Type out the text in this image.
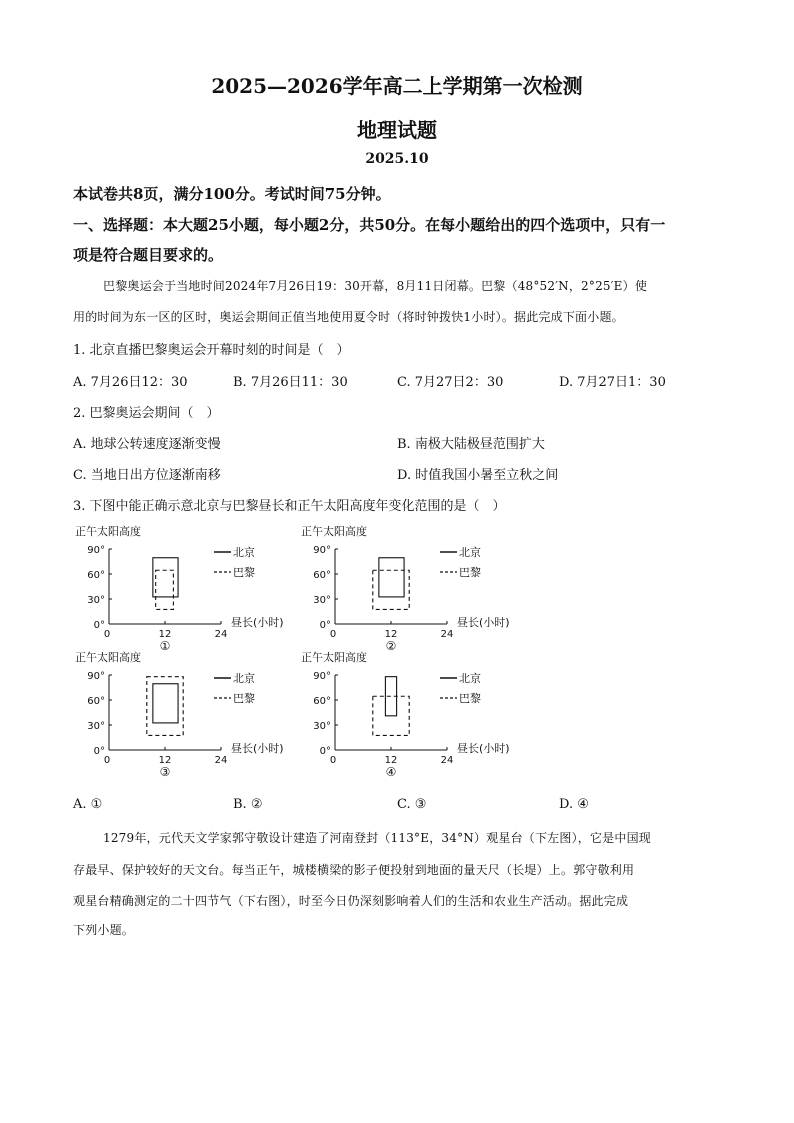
2025—2026学年高二上学期第一次检测
地理试题
2025.10
本试卷共8页，满分100分。考试时间75分钟。
一、选择题：本大题25小题，每小题2分，共50分。在每小题给出的四个选项中，只有一
项是符合题目要求的。
巴黎奥运会于当地时间2024年7月26日19：30开幕，8月11日闭幕。巴黎（48°52′N，2°25′E）使
用的时间为东一区的区时，奥运会期间正值当地使用夏令时（将时钟拨快1小时）。据此完成下面小题。
1. 北京直播巴黎奥运会开幕时刻的时间是（　）
A. 7月26日12：30	B. 7月26日11：30	C. 7月27日2：30	D. 7月27日1：30
2. 巴黎奥运会期间（　）
A. 地球公转速度逐渐变慢	B. 南极大陆极昼范围扩大
C. 当地日出方位逐渐南移	D. 时值我国小暑至立秋之间
3. 下图中能正确示意北京与巴黎昼长和正午太阳高度年变化范围的是（　）
正午太阳高度
90°
60°
30°
0°
0	12	24
昼长(小时)
①
北京
巴黎
正午太阳高度
90°
60°
30°
0°
0	12	24
昼长(小时)
②
北京
巴黎
正午太阳高度
90°
60°
30°
0°
0	12	24
昼长(小时)
③
北京
巴黎
正午太阳高度
90°
60°
30°
0°
0	12	24
昼长(小时)
④
北京
巴黎
A. ①	B. ②	C. ③	D. ④
1279年，元代天文学家郭守敬设计建造了河南登封（113°E，34°N）观星台（下左图），它是中国现
存最早、保护较好的天文台。每当正午，城楼横梁的影子便投射到地面的量天尺（长堤）上。郭守敬利用
观星台精确测定的二十四节气（下右图），时至今日仍深刻影响着人们的生活和农业生产活动。据此完成
下列小题。
